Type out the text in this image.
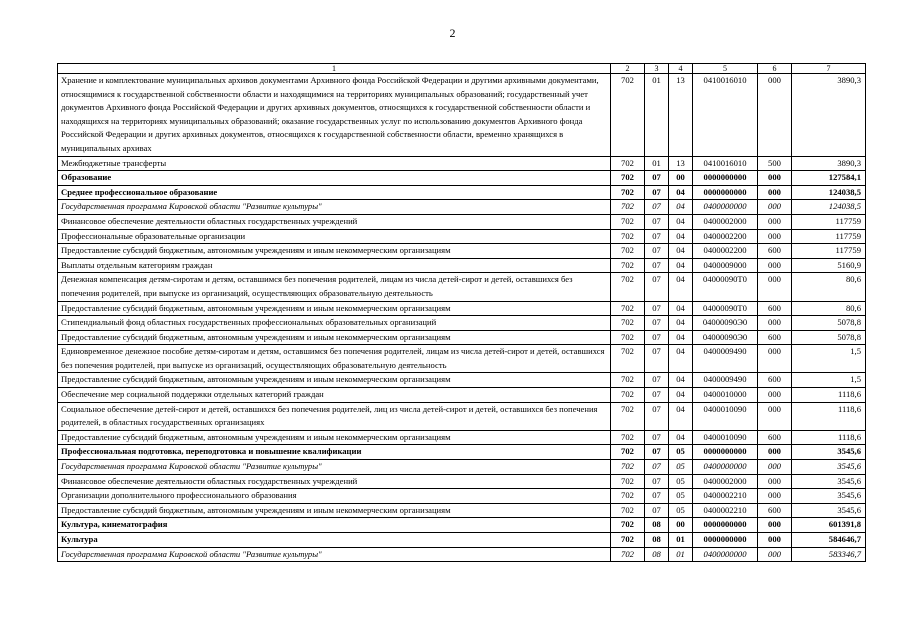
2
1	2	3	4	5	6	7
Хранение и комплектование муниципальных архивов документами Архивного фонда Российской Федерации и другими архивными документами, относящимися к государственной собственности области и находящимися на территориях муниципальных образований; государственный учет документов Архивного фонда Российской Федерации и других архивных документов, относящихся к государственной собственности области и находящихся на территориях муниципальных образований; оказание государственных услуг по использованию документов Архивного фонда Российской Федерации и других архивных документов, относящихся к государственной собственности области, временно хранящихся в муниципальных архивах	702	01	13	0410016010	000	3890,3
Межбюджетные трансферты	702	01	13	0410016010	500	3890,3
Образование	702	07	00	0000000000	000	127584,1
Среднее профессиональное образование	702	07	04	0000000000	000	124038,5
Государственная программа Кировской области "Развитие культуры"	702	07	04	0400000000	000	124038,5
Финансовое обеспечение деятельности областных государственных учреждений	702	07	04	0400002000	000	117759
Профессиональные образовательные организации	702	07	04	0400002200	000	117759
Предоставление субсидий бюджетным, автономным учреждениям и иным некоммерческим организациям	702	07	04	0400002200	600	117759
Выплаты отдельным категориям граждан	702	07	04	0400009000	000	5160,9
Денежная компенсация детям-сиротам и детям, оставшимся без попечения родителей, лицам из числа детей-сирот и детей, оставшихся без попечения родителей, при выпуске из организаций, осуществляющих образовательную деятельность	702	07	04	04000090Т0	000	80,6
Предоставление субсидий бюджетным, автономным учреждениям и иным некоммерческим организациям	702	07	04	04000090Т0	600	80,6
Стипендиальный фонд областных государственных профессиональных образовательных организаций	702	07	04	04000090Э0	000	5078,8
Предоставление субсидий бюджетным, автономным учреждениям и иным некоммерческим организациям	702	07	04	04000090Э0	600	5078,8
Единовременное денежное пособие детям-сиротам и детям, оставшимся без попечения родителей, лицам из числа детей-сирот и детей, оставшихся без попечения родителей, при выпуске из организаций, осуществляющих образовательную деятельность	702	07	04	0400009490	000	1,5
Предоставление субсидий бюджетным, автономным учреждениям и иным некоммерческим организациям	702	07	04	0400009490	600	1,5
Обеспечение мер социальной поддержки отдельных категорий граждан	702	07	04	0400010000	000	1118,6
Социальное обеспечение детей-сирот и детей, оставшихся без попечения родителей, лиц из числа детей-сирот и детей, оставшихся без попечения родителей, в областных государственных организациях	702	07	04	0400010090	000	1118,6
Предоставление субсидий бюджетным, автономным учреждениям и иным некоммерческим организациям	702	07	04	0400010090	600	1118,6
Профессиональная подготовка, переподготовка и повышение квалификации	702	07	05	0000000000	000	3545,6
Государственная программа Кировской области "Развитие культуры"	702	07	05	0400000000	000	3545,6
Финансовое обеспечение деятельности областных государственных учреждений	702	07	05	0400002000	000	3545,6
Организации дополнительного профессионального образования	702	07	05	0400002210	000	3545,6
Предоставление субсидий бюджетным, автономным учреждениям и иным некоммерческим организациям	702	07	05	0400002210	600	3545,6
Культура, кинематография	702	08	00	0000000000	000	601391,8
Культура	702	08	01	0000000000	000	584646,7
Государственная программа Кировской области "Развитие культуры"	702	08	01	0400000000	000	583346,7
